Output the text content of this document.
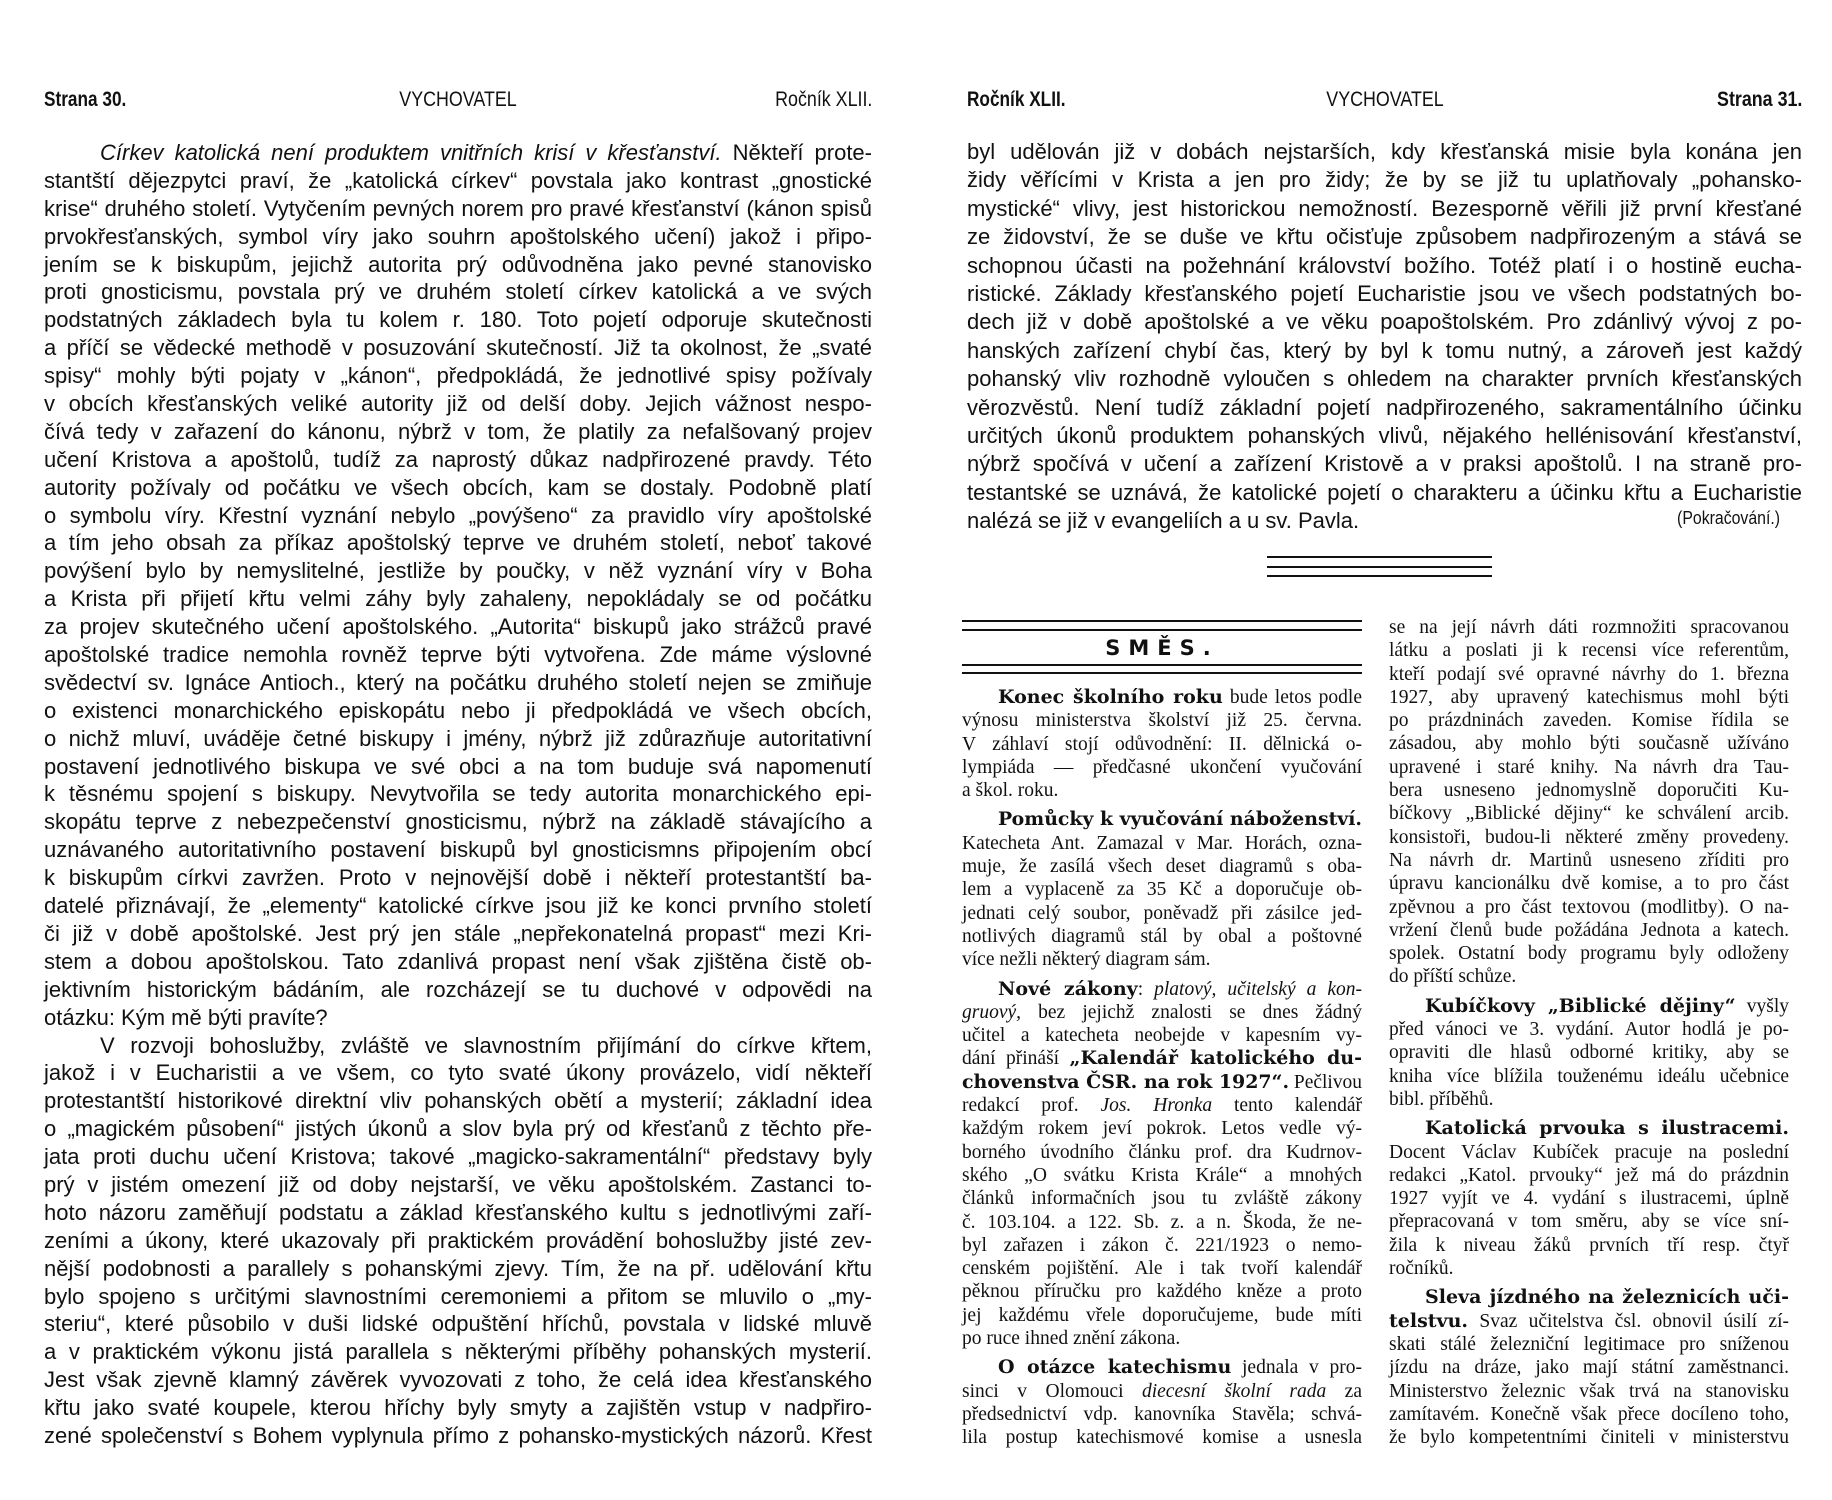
Strana 30.	VYCHOVATEL	Ročník XLII.	Ročník XLII.	VYCHOVATEL	Strana 31.
Církev katolická není produktem vnitřních krisí v křesťanství. Někteří prote-
stantští dějezpytci praví, že „katolická církev“ povstala jako kontrast „gnostické
krise“ druhého století. Vytyčením pevných norem pro pravé křesťanství (kánon spisů
prvokřesťanských, symbol víry jako souhrn apoštolského učení) jakož i připo-
jením se k biskupům, jejichž autorita prý odůvodněna jako pevné stanovisko
proti gnosticismu, povstala prý ve druhém století církev katolická a ve svých
podstatných základech byla tu kolem r. 180. Toto pojetí odporuje skutečnosti
a příčí se vědecké methodě v posuzování skutečností. Již ta okolnost, že „svaté
spisy“ mohly býti pojaty v „kánon“, předpokládá, že jednotlivé spisy požívaly
v obcích křesťanských veliké autority již od delší doby. Jejich vážnost nespo-
čívá tedy v zařazení do kánonu, nýbrž v tom, že platily za nefalšovaný projev
učení Kristova a apoštolů, tudíž za naprostý důkaz nadpřirozené pravdy. Této
autority požívaly od počátku ve všech obcích, kam se dostaly. Podobně platí
o symbolu víry. Křestní vyznání nebylo „povýšeno“ za pravidlo víry apoštolské
a tím jeho obsah za příkaz apoštolský teprve ve druhém století, neboť takové
povýšení bylo by nemyslitelné, jestliže by poučky, v něž vyznání víry v Boha
a Krista při přijetí křtu velmi záhy byly zahaleny, nepokládaly se od počátku
za projev skutečného učení apoštolského. „Autorita“ biskupů jako strážců pravé
apoštolské tradice nemohla rovněž teprve býti vytvořena. Zde máme výslovné
svědectví sv. Ignáce Antioch., který na počátku druhého století nejen se zmiňuje
o existenci monarchického episkopátu nebo ji předpokládá ve všech obcích,
o nichž mluví, uváděje četné biskupy i jmény, nýbrž již zdůrazňuje autoritativní
postavení jednotlivého biskupa ve své obci a na tom buduje svá napomenutí
k těsnému spojení s biskupy. Nevytvořila se tedy autorita monarchického epi-
skopátu teprve z nebezpečenství gnosticismu, nýbrž na základě stávajícího a
uznávaného autoritativního postavení biskupů byl gnosticismns připojením obcí
k biskupům církvi zavržen. Proto v nejnovější době i někteří protestantští ba-
datelé přiznávají, že „elementy“ katolické církve jsou již ke konci prvního století
či již v době apoštolské. Jest prý jen stále „nepřekonatelná propast“ mezi Kri-
stem a dobou apoštolskou. Tato zdanlivá propast není však zjištěna čistě ob-
jektivním historickým bádáním, ale rozcházejí se tu duchové v odpovědi na
otázku: Kým mě býti pravíte?
V rozvoji bohoslužby, zvláště ve slavnostním přijímání do církve křtem,
jakož i v Eucharistii a ve všem, co tyto svaté úkony provázelo, vidí někteří
protestantští historikové direktní vliv pohanských obětí a mysterií; základní idea
o „magickém působení“ jistých úkonů a slov byla prý od křesťanů z těchto pře-
jata proti duchu učení Kristova; takové „magicko-sakramentální“ představy byly
prý v jistém omezení již od doby nejstarší, ve věku apoštolském. Zastanci to-
hoto názoru zaměňují podstatu a základ křesťanského kultu s jednotlivými zaří-
zeními a úkony, které ukazovaly při praktickém provádění bohoslužby jisté zev-
nější podobnosti a parallely s pohanskými zjevy. Tím, že na př. udělování křtu
bylo spojeno s určitými slavnostními ceremoniemi a přitom se mluvilo o „my-
steriu“, které působilo v duši lidské odpuštění hříchů, povstala v lidské mluvě
a v praktickém výkonu jistá parallela s některými příběhy pohanských mysterií.
Jest však zjevně klamný závěrek vyvozovati z toho, že celá idea křesťanského
křtu jako svaté koupele, kterou hříchy byly smyty a zajištěn vstup v nadpřiro-
zené společenství s Bohem vyplynula přímo z pohansko-mystických názorů. Křest
byl udělován již v dobách nejstarších, kdy křesťanská misie byla konána jen
židy věřícími v Krista a jen pro židy; že by se již tu uplatňovaly „pohansko-
mystické“ vlivy, jest historickou nemožností. Bezesporně věřili již první křesťané
ze židovství, že se duše ve křtu očisťuje způsobem nadpřirozeným a stává se
schopnou účasti na požehnání království božího. Totéž platí i o hostině eucha-
ristické. Základy křesťanského pojetí Eucharistie jsou ve všech podstatných bo-
dech již v době apoštolské a ve věku poapoštolském. Pro zdánlivý vývoj z po-
hanských zařízení chybí čas, který by byl k tomu nutný, a zároveň jest každý
pohanský vliv rozhodně vyloučen s ohledem na charakter prvních křesťanských
věrozvěstů. Není tudíž základní pojetí nadpřirozeného, sakramentálního účinku
určitých úkonů produktem pohanských vlivů, nějakého hellénisování křesťanství,
nýbrž spočívá v učení a zařízení Kristově a v praksi apoštolů. I na straně pro-
testantské se uznává, že katolické pojetí o charakteru a účinku křtu a Eucharistie
nalézá se již v evangeliích a u sv. Pavla.	(Pokračování.)
SMĚS.
Konec školního roku bude letos podle
výnosu ministerstva školství již 25. června.
V záhlaví stojí odůvodnění: II. dělnická o-
lympiáda — předčasné ukončení vyučování
a škol. roku.
Pomůcky k vyučování náboženství.
Katecheta Ant. Zamazal v Mar. Horách, ozna-
muje, že zasílá všech deset diagramů s oba-
lem a vyplaceně za 35 Kč a doporučuje ob-
jednati celý soubor, poněvadž při zásilce jed-
notlivých diagramů stál by obal a poštovné
více nežli některý diagram sám.
Nové zákony: platový, učitelský a kon-
gruový, bez jejichž znalosti se dnes žádný
učitel a katecheta neobejde v kapesním vy-
dání přináší „Kalendář katolického du-
chovenstva ČSR. na rok 1927“. Pečlivou
redakcí prof. Jos. Hronka tento kalendář
každým rokem jeví pokrok. Letos vedle vý-
borného úvodního článku prof. dra Kudrnov-
ského „O svátku Krista Krále“ a mnohých
článků informačních jsou tu zvláště zákony
č. 103.104. a 122. Sb. z. a n. Škoda, že ne-
byl zařazen i zákon č. 221/1923 o nemo-
cenském pojištění. Ale i tak tvoří kalendář
pěknou příručku pro každého kněze a proto
jej každému vřele doporučujeme, bude míti
po ruce ihned znění zákona.
O otázce katechismu jednala v pro-
sinci v Olomouci diecesní školní rada za
předsednictví vdp. kanovníka Stavěla; schvá-
lila postup katechismové komise a usnesla
se na její návrh dáti rozmnožiti spracovanou
látku a poslati ji k recensi více referentům,
kteří podají své opravné návrhy do 1. března
1927, aby upravený katechismus mohl býti
po prázdninách zaveden. Komise řídila se
zásadou, aby mohlo býti současně užíváno
upravené i staré knihy. Na návrh dra Tau-
bera usneseno jednomyslně doporučiti Ku-
bíčkovy „Biblické dějiny“ ke schválení arcib.
konsistoři, budou-li některé změny provedeny.
Na návrh dr. Martinů usneseno zříditi pro
úpravu kancionálku dvě komise, a to pro část
zpěvnou a pro část textovou (modlitby). O na-
vržení členů bude požádána Jednota a katech.
spolek. Ostatní body programu byly odloženy
do příští schůze.
Kubíčkovy „Biblické dějiny“ vyšly
před vánoci ve 3. vydání. Autor hodlá je po-
opraviti dle hlasů odborné kritiky, aby se
kniha více blížila touženému ideálu učebnice
bibl. příběhů.
Katolická prvouka s ilustracemi.
Docent Václav Kubíček pracuje na poslední
redakci „Katol. prvouky“ jež má do prázdnin
1927 vyjít ve 4. vydání s ilustracemi, úplně
přepracovaná v tom směru, aby se více sní-
žila k niveau žáků prvních tří resp. čtyř
ročníků.
Sleva jízdného na železnicích uči-
telstvu. Svaz učitelstva čsl. obnovil úsilí zí-
skati stálé železniční legitimace pro sníženou
jízdu na dráze, jako mají státní zaměstnanci.
Ministerstvo železnic však trvá na stanovisku
zamítavém. Konečně však přece docíleno toho,
že bylo kompetentními činiteli v ministerstvu
